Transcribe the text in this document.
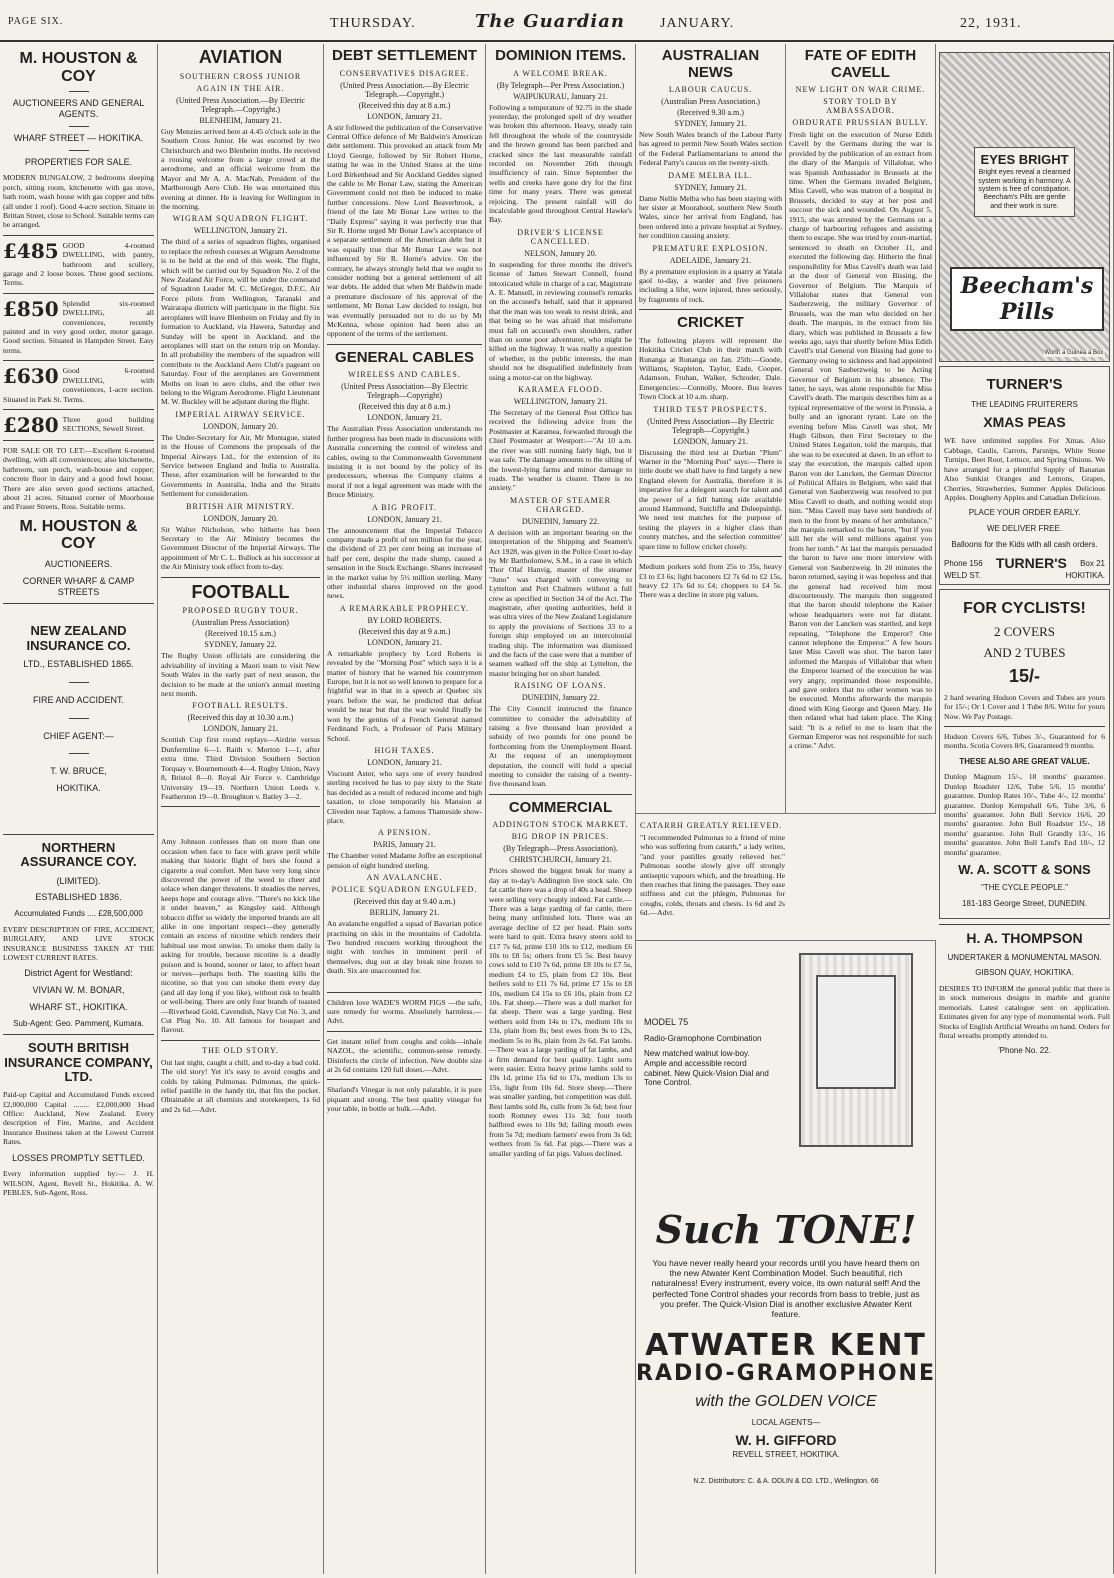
PAGE SIX.	THURSDAY.	The Guardian	JANUARY.	22, 1931.
M. HOUSTON & COY
AUCTIONEERS AND GENERAL AGENTS.
WHARF STREET — HOKITIKA.
PROPERTIES FOR SALE.

MODERN BUNGALOW, 2 bedrooms sleeping porch, sitting room, kitchenette with gas stove, bath room, wash house with gas copper and tubs (all under 1 roof). Good 4-acre section. Situate in Brittan Street, close to School. Suitable terms can be arranged.

£485 GOOD 4-roomed DWELLING, with pantry, bathroom and scullery, garage and 2 loose boxes. Three good sections. Terms.

£850 Splendid six-roomed DWELLING, all conveniences, recently painted and in very good order, motor garage. Good section. Situated in Hampden Street. Easy terms.

£630 Good 6-roomed DWELLING, with conveniences, 1-acre section. Situated in Park St. Terms.

£280 Three good building SECTIONS, Sewell Street.

FOR SALE OR TO LET:—Excellent 6-roomed dwelling, with all conveniences; also kitchenette, bathroom, sun porch, wash-house and copper; concrete floor in dairy and a good fowl house. There are also seven good sections attached, about 21 acres. Situated corner of Moorhouse and Fraser Streets, Ross. Suitable terms.

M. HOUSTON & COY
AUCTIONEERS.
CORNER WHARF & CAMP STREETS
NEW ZEALAND INSURANCE CO.
LTD., ESTABLISHED 1865.
FIRE AND ACCIDENT.
CHIEF AGENT:—
T. W. BRUCE,
HOKITIKA.
NORTHERN ASSURANCE COY.
(LIMITED).
ESTABLISHED 1836.
Accumulated Funds .... £28,500,000

EVERY DESCRIPTION OF FIRE, ACCIDENT, BURGLARY, AND LIVE STOCK INSURANCE BUSINESS TAKEN AT THE LOWEST CURRENT RATES.

District Agent for Westland:
VIVIAN W. M. BONAR,
WHARF ST., HOKITIKA.
Sub-Agent: Geo. Pammenț, Kumara.
SOUTH BRITISH INSURANCE COMPANY, LTD.

Paid-up Capital and Accumulated Funds exceed £2,000,000 Capital ........ £2,000,000 Head Office: Auckland, New Zealand. Every description of Fire, Marine, and Accident Insurance Business taken at the Lowest Current Rates.

LOSSES PROMPTLY SETTLED.

Every information supplied by:— J. H. WILSON, Agent, Revell St., Hokitika. A. W. PEBLES, Sub-Agent, Ross.

AVIATION
SOUTHERN CROSS JUNIOR
AGAIN IN THE AIR.
(United Press Association.—By Electric Telegraph.—Copyright.)
BLENHEIM, January 21.

Guy Menzies arrived here at 4.45 o'clock sole in the Southern Cross Junior. He was escorted by two Christchurch and two Blenheim moths. He received a rousing welcome from a large crowd at the aerodrome, and an official welcome from the Mayor and Mr A. A. MacNab, President of the Marlborough Aero Club. He was entertained this evening at dinner. He is leaving for Wellington in the morning.

WIGRAM SQUADRON FLIGHT.
WELLINGTON, January 21.

The third of a series of squadron flights, organised to replace the refresh courses at Wigram Aerodrome is to be held at the end of this week. The flight, which will be carried out by Squadron No. 2 of the New Zealand Air Force, will be under the command of Squadron Leader M. C. McGregor, D.F.C. Air Force pilots from Wellington, Taranaki and Wairarapa districts will participate in the flight. Six aeroplanes will leave Blenheim on Friday and fly in formation to Auckland, via Hawera, Saturday and Sunday will be spent in Auckland, and the aeroplanes will start on the return trip on Monday. In all probability the members of the squadron will contribute to the Auckland Aero Club's pageant on Saturday. Four of the aeroplanes are Government Moths on loan to aero clubs, and the other two belong to the Wigram Aerodrome. Flight Lieutenant M. W. Buckley will be adjutant during the flight.

IMPERIAL AIRWAY SERVICE.
LONDON, January 20.

The Under-Secretary for Air, Mr Montague, stated in the House of Commons the proposals of the Imperial Airways Ltd., for the extension of its Service between England and India to Australia. These, after examination will be forwarded to the Governments in Australia, India and the Straits Settlement for consideration.

BRITISH AIR MINISTRY.
LONDON, January 20.

Sir Walter Nicholson, who hitherto has been Secretary to the Air Ministry becomes the Government Director of the Imperial Airways. The appointment of Mr C. L. Bullock as his successor at the Air Ministry took effect from to-day.

FOOTBALL
PROPOSED RUGBY TOUR.
(Australian Press Association)
(Received 10.15 a.m.)
SYDNEY, January 22.

The Rugby Union officials are considering the advisability of inviting a Maori team to visit New South Wales in the early part of next season, the decision to be made at the union's annual meeting next month.

FOOTBALL RESULTS.
(Received this day at 10.30 a.m.)
LONDON, January 21.

Scottish Cup first round replays—Airdrie versus Dunfermline 6—1. Raith v. Morton 1—1, after extra time. Third Division Southern Section Torquay v. Bournemouth 4—4. Rugby Union, Navy 8, Bristol 8—0. Royal Air Force v. Cambridge University 19—19. Northern Union Leeds v. Featherston 19—0. Broughton v. Batley 3—2.

Amy Johnson confesses than on more than one occasion when face to face with grave peril while making that historic flight of hers she found a cigarette a real comfort. Men have very long since discovered the power of the weed to cheer and solace when danger threatens. It steadies the nerves, keeps hope and courage alive. "There's no kick like it under heaven," as Kingsley said. Although tobacco differ so widely the imported brands are all alike in one important respect—they generally contain an excess of nicotine which renders their habitual use most unwise. To smoke them daily is asking for trouble, because nicotine is a deadly poison and is bound, sooner or later, to affect heart or nerves—perhaps both. The toasting kills the nicotine, so that you can smoke them every day (and all day long if you like), without risk to health or well-being. There are only four brands of toasted—Riverhead Gold, Cavendish, Navy Cut No. 3, and Cut Plug No. 10. All famous for bouquet and flavour.

THE OLD STORY.

Out last night, caught a chill, and to-day a bad cold. The old story! Yet it's easy to avoid coughs and colds by taking Pulmonas. Pulmonas, the quick-relief pastille in the handy tin, that fits the pocket. Obtainable at all chemists and storekeepers, 1s 6d and 2s 6d.—Advt.

DEBT SETTLEMENT
CONSERVATIVES DISAGREE.
(United Press Association.—By Electric Telegraph.—Copyright.)
(Received this day at 8 a.m.)
LONDON, January 21.

A stir followed the publication of the Conservative Central Office defence of Mr Baldwin's American debt settlement. This provoked an attack from Mr Lloyd George, followed by Sir Robert Horne, stating he was in the United States at the time Lord Birkenhead and Sir Auckland Geddes signed the cable to Mr Bonar Law, stating the American Government could not then be induced to make further concessions. Now Lord Beaverbrook, a friend of the late Mr Bonar Law writes to the "Daily Express" saying it was perfectly true that Sir R. Horne urged Mr Bonar Law's acceptance of a separate settlement of the American debt but it was equally true that Mr Bonar Law was not influenced by Sir R. Horne's advice. On the contrary, he always strongly held that we ought to consider nothing but a general settlement of all war debts. He added that when Mr Baldwin made a premature disclosure of his approval of the settlement, Mr Bonar Law decided to resign, but was eventually persuaded not to do so by Mr McKenna, whose opinion had been also an opponent of the terms of the settlement.

GENERAL CABLES
WIRELESS AND CABLES.
(United Press Association—By Electric Telegraph—Copyright)
(Received this day at 8 a.m.)
LONDON, January 21.

The Australian Press Association understands no further progress has been made in discussions with Australia concerning the control of wireless and cables, owing to the Commonwealth Government insisting it is not bound by the policy of its predecessors, whereas the Company claims a moral if not a legal agreement was made with the Bruce Ministry.

A BIG PROFIT.
LONDON, January 21.

The announcement that the Imperial Tobacco company made a profit of ten million for the year, the dividend of 23 per cent being an increase of half per cent, despite the trade slump, caused a sensation in the Stock Exchange. Shares increased in the market value by 5½ million sterling. Many other industrial shares improved on the good news.

A REMARKABLE PROPHECY.
BY LORD ROBERTS.
(Received this day at 9 a.m.)
LONDON, January 21.

A remarkable prophecy by Lord Roberts is revealed by the "Morning Post" which says it is a matter of history that he warned his countrymen Europe, but it is not so well known to prepare for a frightful war in that in a speech at Quebec six years before the war, he predicted that defeat would be near but that the war would finally be won by the genius of a French General named Ferdinand Foch, a Professor of Paris Military School.

HIGH TAXES.
LONDON, January 21.

Viscount Astor, who says one of every hundred sterling received he has to pay sixty to the State has decided as a result of reduced income and high taxation, to close temporarily his Mansion at Cliveden near Taplow, a famous Thameside show-place.

A PENSION.
PARIS, January 21.

The Chamber voted Madame Joffre an exceptional pension of eight hundred sterling.

AN AVALANCHE.
POLICE SQUADRON ENGULFED.
(Received this day at 9.40 a.m.)
BERLIN, January 21.

An avalanche engulfed a squad of Bavarian police practising on skis in the mountains of Cadolzla. Two hundred rescuers working throughout the night with torches in imminent peril of themselves, dug out at day break nine frozen to death. Six are unaccounted for.

Children love WADE'S WORM FIGS —the safe, sure remedy for worms. Absolutely harmless.—Advt.

Get instant relief from coughs and colds—inhale NAZOL, the scientific, common-sense remedy. Disinfects the circle of infection. New double size at 2s 6d contains 120 full doses.—Advt.

Sharland's Vinegar is not only palatable, it is pure piquant and strong. The best quality vinegar for your table, in bottle or bulk.—Advt.

DOMINION ITEMS.
A WELCOME BREAK.
(By Telegraph—Per Press Association.)
WAIPUKURAU, January 21.

Following a temperature of 92.75 in the shade yesterday, the prolonged spell of dry weather was broken this afternoon. Heavy, steady rain fell throughout the whole of the countryside and the brown ground has been parched and cracked since the last measurable rainfall recorded on November 26th through insufficiency of rain. Since September the wells and creeks have gone dry for the first time for many years. There was general rejoicing. The present rainfall will do incalculable good throughout Central Hawke's Bay.

DRIVER'S LICENSE CANCELLED.
NELSON, January 20.

In suspending for three months the driver's license of James Stewart Connell, found intoxicated while in charge of a car, Magistrate A. E. Mansell, in reviewing counsel's remarks on the accused's behalf, said that it appeared that the man was too weak to resist drink, and that being so he was afraid that misfortune must fall on accused's own shoulders, rather than on some poor adventurer, who might be killed on the highway. It was really a question of whether, in the public interests, the man should not be disqualified indefinitely from using a motor-car on the highway.

KARAMEA FLOOD.
WELLINGTON, January 21.

The Secretary of the General Post Office has received the following advice from the Postmaster at Karamea, forwarded through the Chief Postmaster at Westport:—"At 10 a.m. the river was still running fairly high, but it was safe. The damage amounts to the silting of the lowest-lying farms and minor damage to roads. The weather is clearer. There is no anxiety."

MASTER OF STEAMER CHARGED.
DUNEDIN, January 22.

A decision with an important bearing on the interpretation of the Shipping and Seamen's Act 1928, was given in the Police Court to-day by Mr Bartholomew, S.M., in a case in which Thor Olaf Hanvig, master of the steamer "Juno" was charged with conveying to Lyttelton and Port Chalmers without a full crew as specified in Section 34 of the Act. The magistrate, after quoting authorities, held it was ultra vires of the New Zealand Legislature to apply the provisions of Sections 33 to a foreign ship employed on an intercolonial trading ship. The information was dismissed and the facts of the case were that a number of seamen walked off the ship at Lyttelton, the master bringing her on short handed.

RAISING OF LOANS.
DUNEDIN, January 22.

The City Council instructed the finance committee to consider the advisability of raising a five thousand loan provided a subsidy of two pounds for one pound be forthcoming from the Unemployment Board. At the request of an unemployment deputation, the council will hold a special meeting to consider the raising of a twenty-five thousand loan.

COMMERCIAL
ADDINGTON STOCK MARKET.
BIG DROP IN PRICES.
(By Telegraph—Press Association).
CHRISTCHURCH, January 21.

Prices showed the biggest break for many a day at to-day's Addington live stock sale. On fat cattle there was a drop of 40s a head. Sheep were selling very cheaply indeed. Fat cattle.—There was a large yarding of fat cattle, there being many unfinished lots. There was an average decline of £2 per head. Plain sorts were hard to quit. Extra heavy steers sold to £17 7s 6d, prime £10 10s to £12, medium £6 10s to £8 5s; others from £5 5s. Best heavy cows sold to £10 7s 6d, prime £8 10s to £7 5s, medium £4 to £5, plain from £2 10s. Best heifers sold to £11 7s 6d, prime £7 15s to £8 10s, medium £4 15s to £6 10s, plain from £2 10s. Fat sheep.—There was a dull market for fat sheep. There was a large yarding. Best wethers sold from 14s to 17s, medium 10s to 13s, plain from 8s; best ewes from 9s to 12s, medium 5s to 8s, plain from 2s 6d. Fat lambs.—There was a large yarding of fat lambs, and a firm demand for best quality. Light sorts were easier. Extra heavy prime lambs sold to 19s 1d, prime 15s 6d to 17s, medium 13s to 15s, light from 10s 6d. Store sheep.—There was smaller yarding, but competition was dull. Best lambs sold 8s, culls from 3s 6d; best four tooth Romney ewes 11s 3d; four tooth halfbred ewes to 10s 9d; failing mouth ewes from 5s 7d; medium farmers' ewes from 3s 6d; wethers from 5s 6d. Fat pigs.—There was a smaller yarding of fat pigs. Values declined.

AUSTRALIAN NEWS
LABOUR CAUCUS.
(Australian Press Association.)
(Received 9.30 a.m.)
SYDNEY, January 21.

New South Wales branch of the Labour Party has agreed to permit New South Wales section of the Federal Parliamentarians to attend the Federal Party's caucus on the twenty-sixth.

DAME MELBA ILL.
SYDNEY, January 21.

Dame Nellie Melba who has been staying with her sister at Moorabool, southern New South Wales, since her arrival from England, has been ordered into a private hospital at Sydney, her condition causing anxiety.

PREMATURE EXPLOSION.
ADELAIDE, January 21.

By a premature explosion in a quarry at Yatala gaol to-day, a warder and five prisoners including a lifer, were injured, three seriously, by fragments of rock.

CRICKET

The following players will represent the Hokitika Cricket Club in their match with Runanga at Runanga on Jan. 25th:—Goode, Williams, Stapleton, Taylor, Eade, Cooper, Adamson, Fruhan, Walker, Schroder, Dale. Emergencies:—Connolly, Moore. Bus leaves Town Clock at 10 a.m. sharp.

THIRD TEST PROSPECTS.
(United Press Association—By Electric Telegraph—Copyright.)
LONDON, January 21.

Discussing the third test at Durban "Plum" Warner in the "Morning Post" says:—There is little doubt we shall have to find largely a new England eleven for Australia, therefore it is imperative for a delegent search for talent and the power of a full batting side available around Hammond, Sutcliffe and Duleepsinhji. We need test matches for the purpose of testing the players in a higher class than county matches, and the selection committee' spare time to follow cricket closely.

Medium porkers sold from 25s to 35s, heavy £3 to £3 6s; light baconers £2 7s 6d to £2 15s, heavy £2 17s 6d to £4; choppers to £4 5s. There was a decline in store pig values.

FATE OF EDITH CAVELL
NEW LIGHT ON WAR CRIME.
STORY TOLD BY AMBASSADOR.
OBDURATE PRUSSIAN BULLY.

Fresh light on the execution of Nurse Edith Cavell by the Germans during the war is provided by the publication of an extract from the diary of the Marquis of Villalobar, who was Spanish Ambassador in Brussels at the time. When the Germans invaded Belgium, Miss Cavell, who was matron of a hospital in Brussels, decided to stay at her post and succour the sick and wounded. On August 5, 1915, she was arrested by the Germans on a charge of harbouring refugees and assisting them to escape. She was tried by court-martial, sentenced to death on October 11, and executed the following day. Hitherto the final responsibility for Miss Cavell's death was laid at the door of General von Bissing, the Governor of Belgium. The Marquis of Villalobar states that General von Sauberzweig, the military Governor of Brussels, was the man who decided on her death. The marquis, in the extract from his diary, which was published in Brussels a few weeks ago, says that shortly before Miss Edith Cavell's trial General von Bissing had gone to Germany owing to sickness and had appointed General von Sauberzweig to be Acting Governor of Belgium in his absence. The latter, he says, was alone responsible for Miss Cavell's death. The marquis describes him as a typical representative of the worst in Prussia, a bully and an ignorant tyrant. Late on the evening before Miss Cavell was shot, Mr Hugh Gibson, then First Secretary to the United States Legation, told the marquis, that she was to be executed at dawn. In an effort to stay the execution, the marquis called upon Baron von der Lancken, the German Director of Political Affairs in Belgium, who said that General von Sauberzweig was resolved to put Miss Cavell to death, and nothing would stop him. "Miss Cavell may have sent hundreds of men to the front by means of her ambulance," the marquis remarked to the baron, "but if you kill her she will send millions against you from her tomb." At last the marquis persuaded the baron to have one more interview with General von Sauberzweig. In 20 minutes the baron returned, saying it was hopeless and that the general had received him most discourteously. The marquis then suggested that the baron should telephone the Kaiser whose headquarters were not far distant. Baron von der Lancken was startled, and kept repeating, "Telephone the Emperor? One cannot telephone the Emperor." A few hours later Miss Cavell was shot. The baron later informed the Marquis of Villalobar that when the Emperor learned of the execution he was very angry, reprimanded those responsible, and gave orders that no other women was to be executed. Months afterwards the marquis dined with King George and Queen Mary. He then related what had taken place. The King said: "It is a relief to me to learn that the German Emperor was not responsible for such a crime." Advt.

CATARRH GREATLY RELIEVED.

"I recommended Pulmonas to a friend of mine who was suffering from catarrh," a lady writes, "and your pastilles greatly relieved her." Pulmonas soothe slowly give off strongly antiseptic vapours which, and the breathing. He then reaches that lining the passages. They ease stiffness and cut the phlegm, Pulmonas for coughs, colds, throats and chests. 1s 6d and 2s 6d.—Advt.

MODEL 75
Radio-Gramophone Combination
New matched walnut low-boy. Ample and accessible record cabinet. New Quick-Vision Dial and Tone Control.
Such TONE!
You have never really heard your records until you have heard them on the new Atwater Kent Combination Model. Such beautiful, rich naturalness! Every instrument, every voice, its own natural self! And the perfected Tone Control shades your records from bass to treble, just as you prefer. The Quick-Vision Dial is another exclusive Atwater Kent feature.
ATWATER KENT
RADIO-GRAMOPHONE
with the GOLDEN VOICE
LOCAL AGENTS—
W. H. GIFFORD
REVELL STREET, HOKITIKA.
N.Z. Distributors: C. & A. ODLIN & CO. LTD., Wellington. 66
EYES BRIGHT
Bright eyes reveal a cleansed system working in harmony. A system is free of constipation. Beecham's Pills are gentle and their work is sure.
Beecham's Pills
Worth a Guinea a Box.
TURNER'S
THE LEADING FRUITERERS
XMAS PEAS

WE have unlimited supplies For Xmas. Also Cabbage, Caulis, Carrots, Parsnips, White Stone Turnips, Beet Root, Lettuce, and Spring Onions. We have arranged for a plentiful Supply of Bananas Also Sunkist Oranges and Lemons, Grapes, Cherries, Strawberries, Summer Apples Delicious Apples. Dougherty Apples and Canadian Delicious.

PLACE YOUR ORDER EARLY.
WE DELIVER FREE.
Balloons for the Kids with all cash orders.
Phone 156 TURNER'S Box 21
WELD ST.	HOKITIKA.
FOR CYCLISTS!
2 COVERS
AND 2 TUBES
15/-

2 hard wearing Hudson Covers and Tubes are yours for 15/-; Or 1 Cover and 1 Tube 8/6. Write for yours Now. We Pay Postage.

Hudson Covers 6/6, Tubes 3/-, Guaranteed for 6 months. Scotia Covers 8/6, Guaranteed 9 months.

THESE ALSO ARE GREAT VALUE.

Dunlop Magnum 15/-, 18 months' guarantee. Dunlop Roadster 12/6, Tube 5/6, 15 months' guarantee. Dunlop Rates 10/-, Tube 4/-, 12 months' guarantee. Dunlop Kempshall 6/6, Tube 3/6, 6 months' guarantee. John Bull Service 16/6, 20 months' guarantee. John Bull Roadster 15/-, 18 months' guarantee. John Bull Grandly 13/-, 16 months' guarantee. John Bull Land's End 10/-, 12 months' guarantee.

W. A. SCOTT & SONS
"THE CYCLE PEOPLE."
181-183 George Street, DUNEDIN.
H. A. THOMPSON
UNDERTAKER & MONUMENTAL MASON.
GIBSON QUAY, HOKITIKA.

DESIRES TO INFORM the general public that there is in stock numerous designs in marble and granite memorials. Latest catalogue sent on application. Estimates given for any type of monumental work. Full Stocks of English Artificial Wreaths on hand. Orders for floral wreaths promptly attended to.

'Phone No. 22.
